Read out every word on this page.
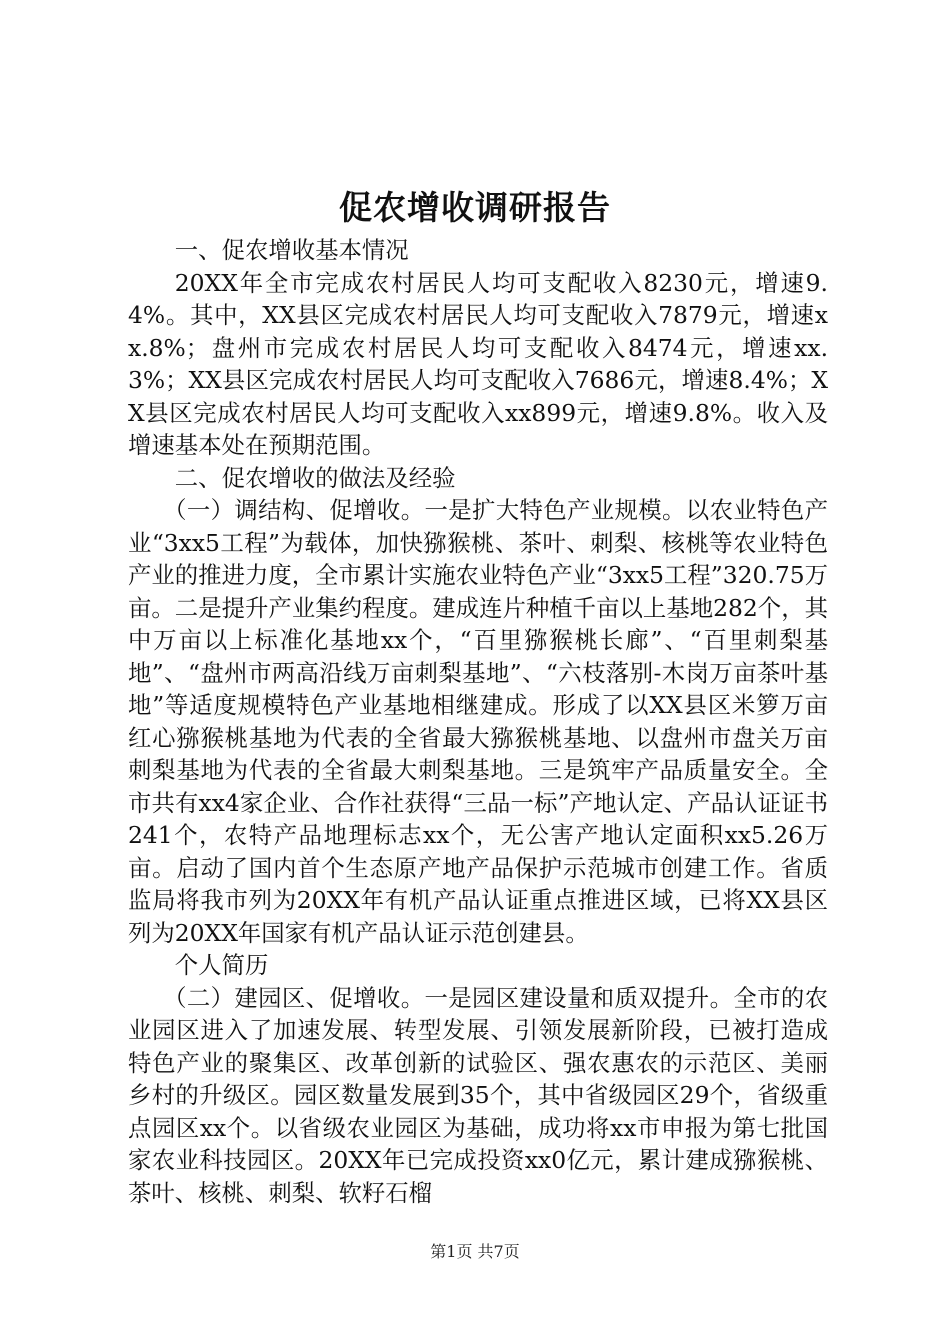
促农增收调研报告

一、促农增收基本情况

20XX年全市完成农村居民人均可支配收入8230元，增速9.4%。其中，XX县区完成农村居民人均可支配收入7879元，增速xx.8%；盘州市完成农村居民人均可支配收入8474元，增速xx.3%；XX县区完成农村居民人均可支配收入7686元，增速8.4%；XX县区完成农村居民人均可支配收入xx899元，增速9.8%。收入及增速基本处在预期范围。

二、促农增收的做法及经验

（一）调结构、促增收。一是扩大特色产业规模。以农业特色产业“3xx5工程”为载体，加快猕猴桃、茶叶、刺梨、核桃等农业特色产业的推进力度，全市累计实施农业特色产业“3xx5工程”320.75万亩。二是提升产业集约程度。建成连片种植千亩以上基地282个，其中万亩以上标准化基地xx个，“百里猕猴桃长廊”、“百里刺梨基地”、“盘州市两高沿线万亩刺梨基地”、“六枝落别-木岗万亩茶叶基地”等适度规模特色产业基地相继建成。形成了以XX县区米箩万亩红心猕猴桃基地为代表的全省最大猕猴桃基地、以盘州市盘关万亩刺梨基地为代表的全省最大刺梨基地。三是筑牢产品质量安全。全市共有xx4家企业、合作社获得“三品一标”产地认定、产品认证证书241个，农特产品地理标志xx个，无公害产地认定面积xx5.26万亩。启动了国内首个生态原产地产品保护示范城市创建工作。省质监局将我市列为20XX年有机产品认证重点推进区域，已将XX县区列为20XX年国家有机产品认证示范创建县。

个人简历

（二）建园区、促增收。一是园区建设量和质双提升。全市的农业园区进入了加速发展、转型发展、引领发展新阶段，已被打造成特色产业的聚集区、改革创新的试验区、强农惠农的示范区、美丽乡村的升级区。园区数量发展到35个，其中省级园区29个，省级重点园区xx个。以省级农业园区为基础，成功将xx市申报为第七批国家农业科技园区。20XX年已完成投资xx0亿元，累计建成猕猴桃、茶叶、核桃、刺梨、软籽石榴

第1页 共7页
